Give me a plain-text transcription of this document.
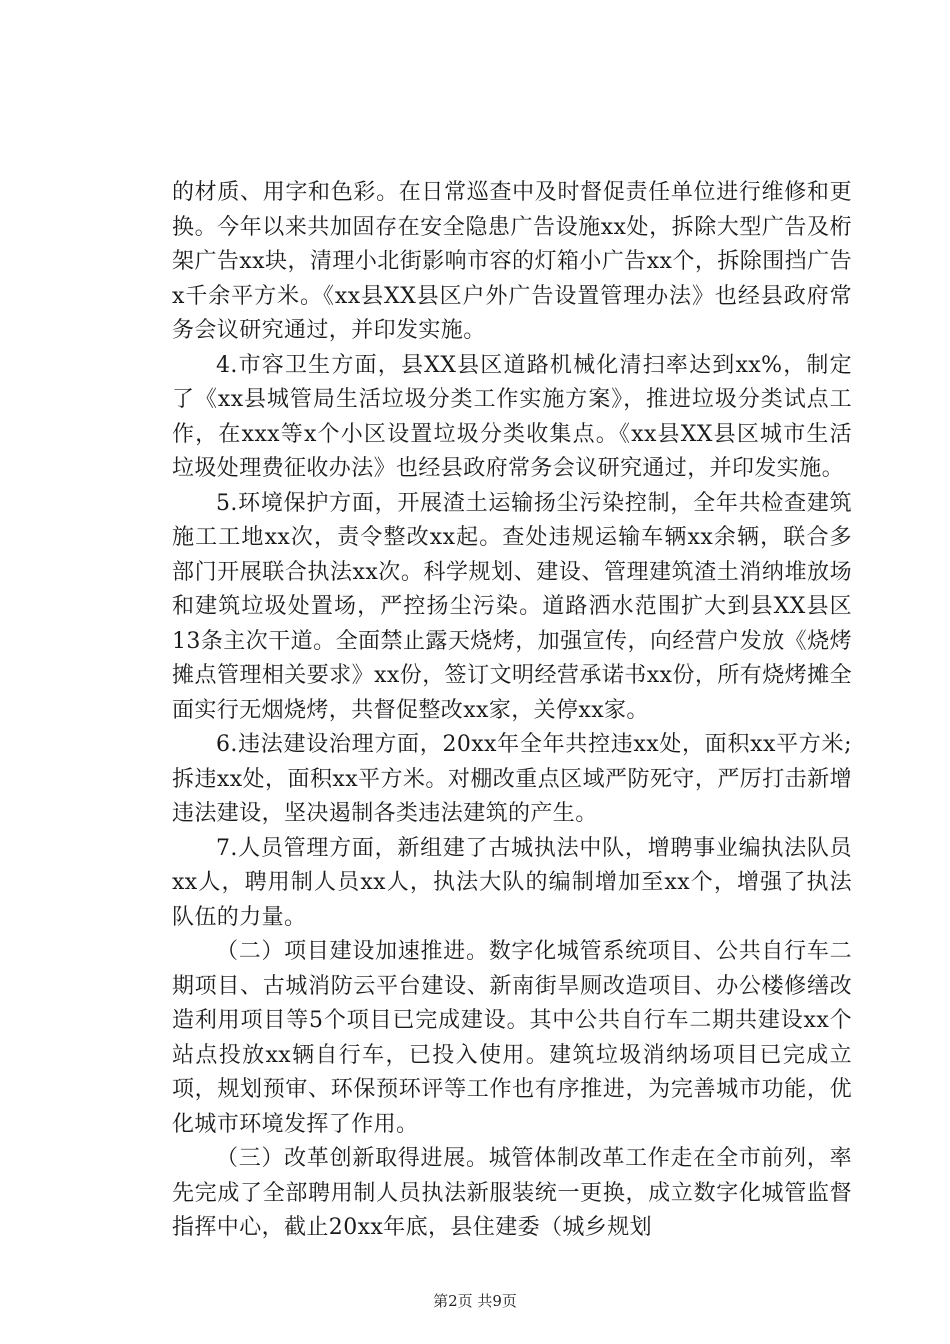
的材质、用字和色彩。在日常巡查中及时督促责任单位进行维修和更换。今年以来共加固存在安全隐患广告设施xx处，拆除大型广告及桁架广告xx块，清理小北街影响市容的灯箱小广告xx个，拆除围挡广告x千余平方米。《xx县XX县区户外广告设置管理办法》也经县政府常务会议研究通过，并印发实施。

4.市容卫生方面，县XX县区道路机械化清扫率达到xx%，制定了《xx县城管局生活垃圾分类工作实施方案》，推进垃圾分类试点工作，在xxx等x个小区设置垃圾分类收集点。《xx县XX县区城市生活垃圾处理费征收办法》也经县政府常务会议研究通过，并印发实施。

5.环境保护方面，开展渣土运输扬尘污染控制，全年共检查建筑施工工地xx次，责令整改xx起。查处违规运输车辆xx余辆，联合多部门开展联合执法xx次。科学规划、建设、管理建筑渣土消纳堆放场和建筑垃圾处置场，严控扬尘污染。道路洒水范围扩大到县XX县区13条主次干道。全面禁止露天烧烤，加强宣传，向经营户发放《烧烤摊点管理相关要求》xx份，签订文明经营承诺书xx份，所有烧烤摊全面实行无烟烧烤，共督促整改xx家，关停xx家。

6.违法建设治理方面，20xx年全年共控违xx处，面积xx平方米;拆违xx处，面积xx平方米。对棚改重点区域严防死守，严厉打击新增违法建设，坚决遏制各类违法建筑的产生。

7.人员管理方面，新组建了古城执法中队，增聘事业编执法队员xx人，聘用制人员xx人，执法大队的编制增加至xx个，增强了执法队伍的力量。

（二）项目建设加速推进。数字化城管系统项目、公共自行车二期项目、古城消防云平台建设、新南街旱厕改造项目、办公楼修缮改造利用项目等5个项目已完成建设。其中公共自行车二期共建设xx个站点投放xx辆自行车，已投入使用。建筑垃圾消纳场项目已完成立项，规划预审、环保预环评等工作也有序推进，为完善城市功能，优化城市环境发挥了作用。

（三）改革创新取得进展。城管体制改革工作走在全市前列，率先完成了全部聘用制人员执法新服装统一更换，成立数字化城管监督指挥中心，截止20xx年底，县住建委（城乡规划

第2页 共9页
